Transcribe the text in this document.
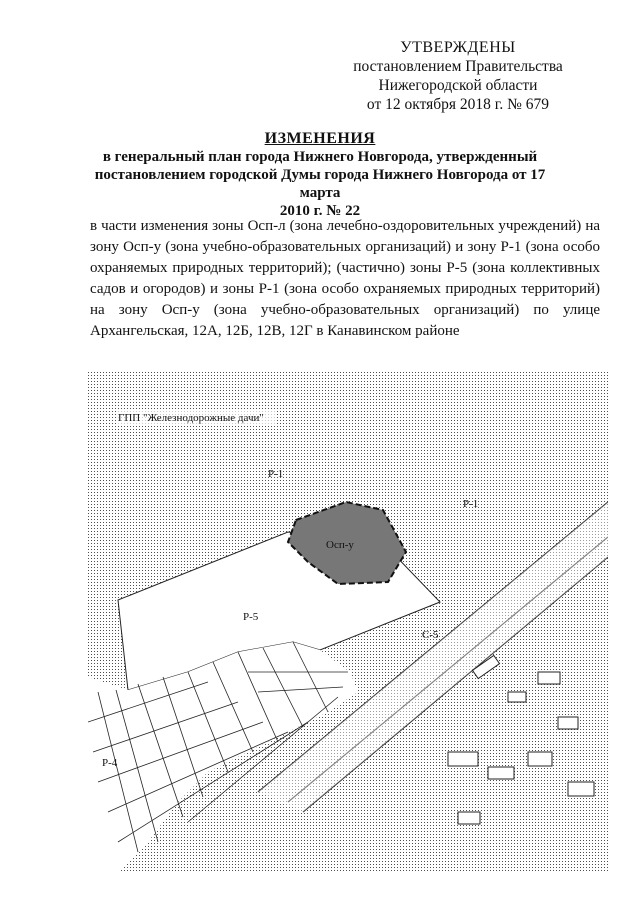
УТВЕРЖДЕНЫ
постановлением Правительства
Нижегородской области
от 12 октября 2018 г. № 679
ИЗМЕНЕНИЯ
в генеральный план города Нижнего Новгорода, утвержденный
постановлением городской Думы города Нижнего Новгорода от 17 марта
2010 г. № 22
в части изменения зоны Осп-л (зона лечебно-оздоровительных учреждений) на зону Осп-у (зона учебно-образовательных организаций) и зону Р-1 (зона особо охраняемых природных территорий); (частично) зоны Р-5 (зона коллективных садов и огородов) и зоны Р-1 (зона особо охраняемых природных территорий) на зону Осп-у (зона учебно-образовательных организаций) по улице Архангельская, 12А, 12Б, 12В, 12Г в Канавинском районе
ГПП "Железнодорожные дачи"
Р-1
Р-1
Осп-у
Р-5
С-5
Р-4
